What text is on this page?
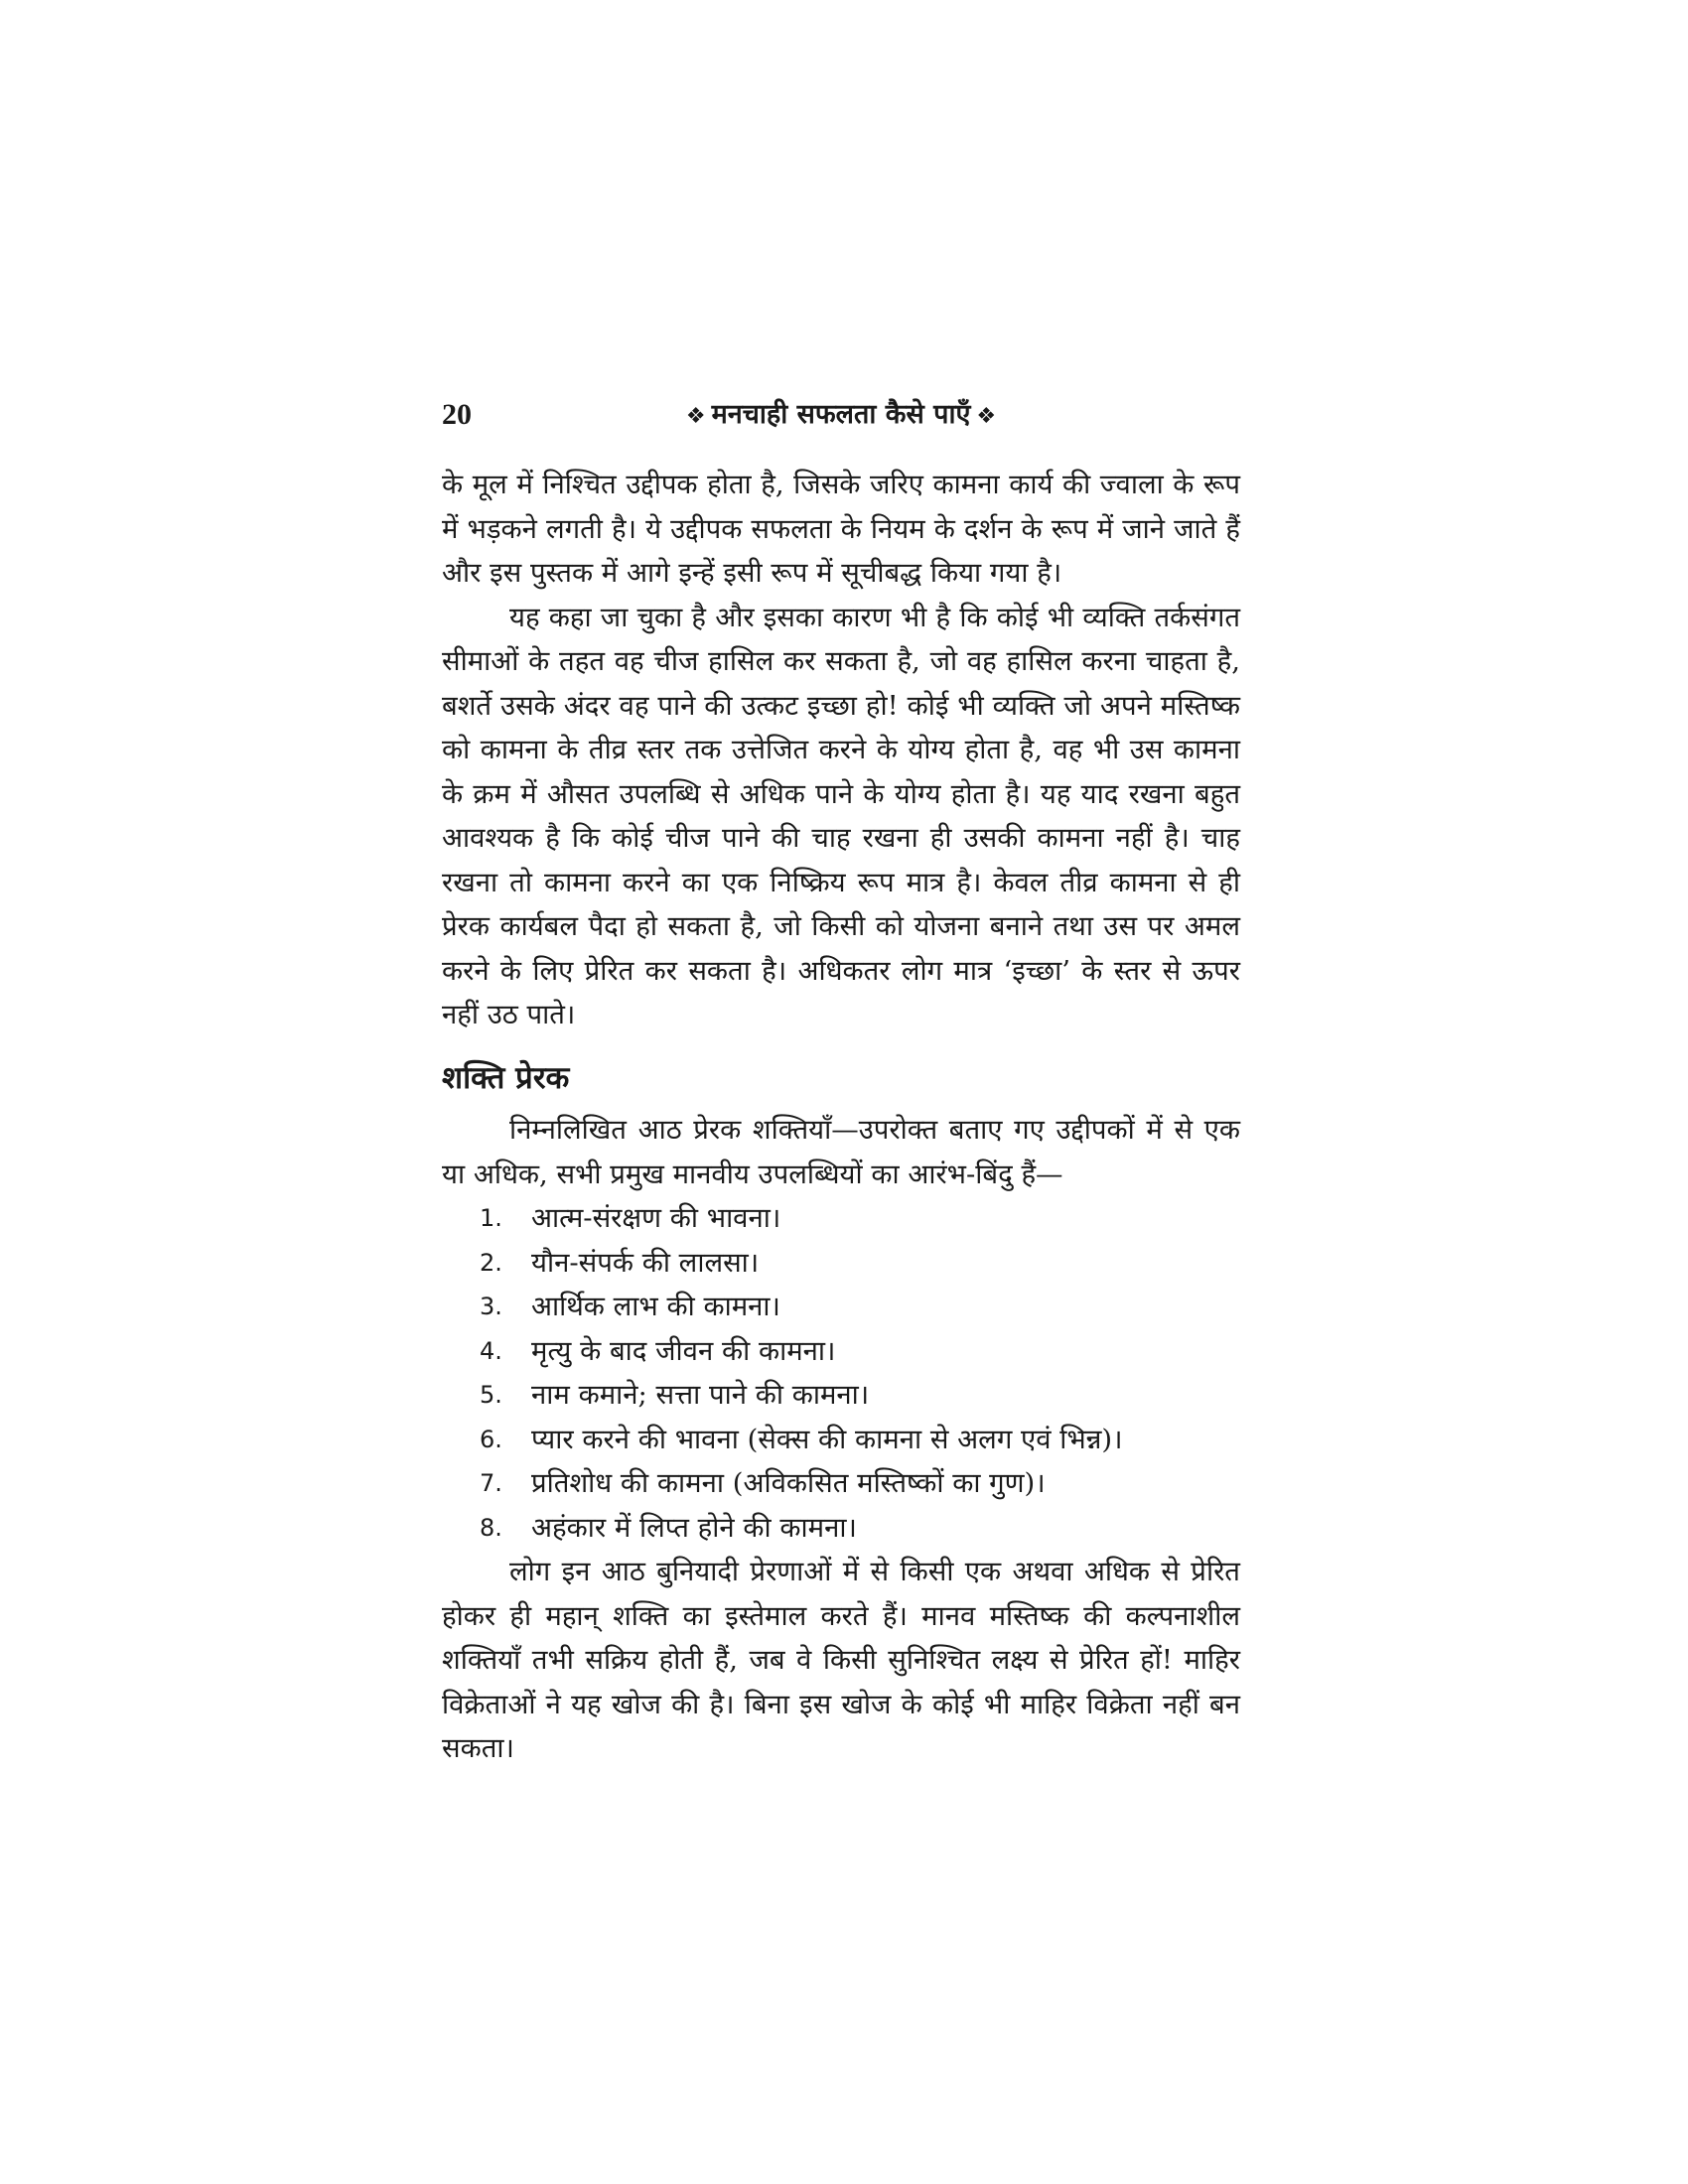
20	❖ मनचाही सफलता कैसे पाएँ ❖

के मूल में निश्चित उद्दीपक होता है, जिसके जरिए कामना कार्य की ज्वाला के रूप में भड़कने लगती है। ये उद्दीपक सफलता के नियम के दर्शन के रूप में जाने जाते हैं और इस पुस्तक में आगे इन्हें इसी रूप में सूचीबद्ध किया गया है।

यह कहा जा चुका है और इसका कारण भी है कि कोई भी व्यक्ति तर्कसंगत सीमाओं के तहत वह चीज हासिल कर सकता है, जो वह हासिल करना चाहता है, बशर्ते उसके अंदर वह पाने की उत्कट इच्छा हो! कोई भी व्यक्ति जो अपने मस्तिष्क को कामना के तीव्र स्तर तक उत्तेजित करने के योग्य होता है, वह भी उस कामना के क्रम में औसत उपलब्धि से अधिक पाने के योग्य होता है। यह याद रखना बहुत आवश्यक है कि कोई चीज पाने की चाह रखना ही उसकी कामना नहीं है। चाह रखना तो कामना करने का एक निष्क्रिय रूप मात्र है। केवल तीव्र कामना से ही प्रेरक कार्यबल पैदा हो सकता है, जो किसी को योजना बनाने तथा उस पर अमल करने के लिए प्रेरित कर सकता है। अधिकतर लोग मात्र ‘इच्छा’ के स्तर से ऊपर नहीं उठ पाते।

शक्ति प्रेरक

निम्नलिखित आठ प्रेरक शक्तियाँ—उपरोक्त बताए गए उद्दीपकों में से एक या अधिक, सभी प्रमुख मानवीय उपलब्धियों का आरंभ-बिंदु हैं—

1. आत्म-संरक्षण की भावना।
2. यौन-संपर्क की लालसा।
3. आर्थिक लाभ की कामना।
4. मृत्यु के बाद जीवन की कामना।
5. नाम कमाने; सत्ता पाने की कामना।
6. प्यार करने की भावना (सेक्स की कामना से अलग एवं भिन्न)।
7. प्रतिशोध की कामना (अविकसित मस्तिष्कों का गुण)।
8. अहंकार में लिप्त होने की कामना।

लोग इन आठ बुनियादी प्रेरणाओं में से किसी एक अथवा अधिक से प्रेरित होकर ही महान् शक्ति का इस्तेमाल करते हैं। मानव मस्तिष्क की कल्पनाशील शक्तियाँ तभी सक्रिय होती हैं, जब वे किसी सुनिश्चित लक्ष्य से प्रेरित हों! माहिर विक्रेताओं ने यह खोज की है। बिना इस खोज के कोई भी माहिर विक्रेता नहीं बन सकता।
